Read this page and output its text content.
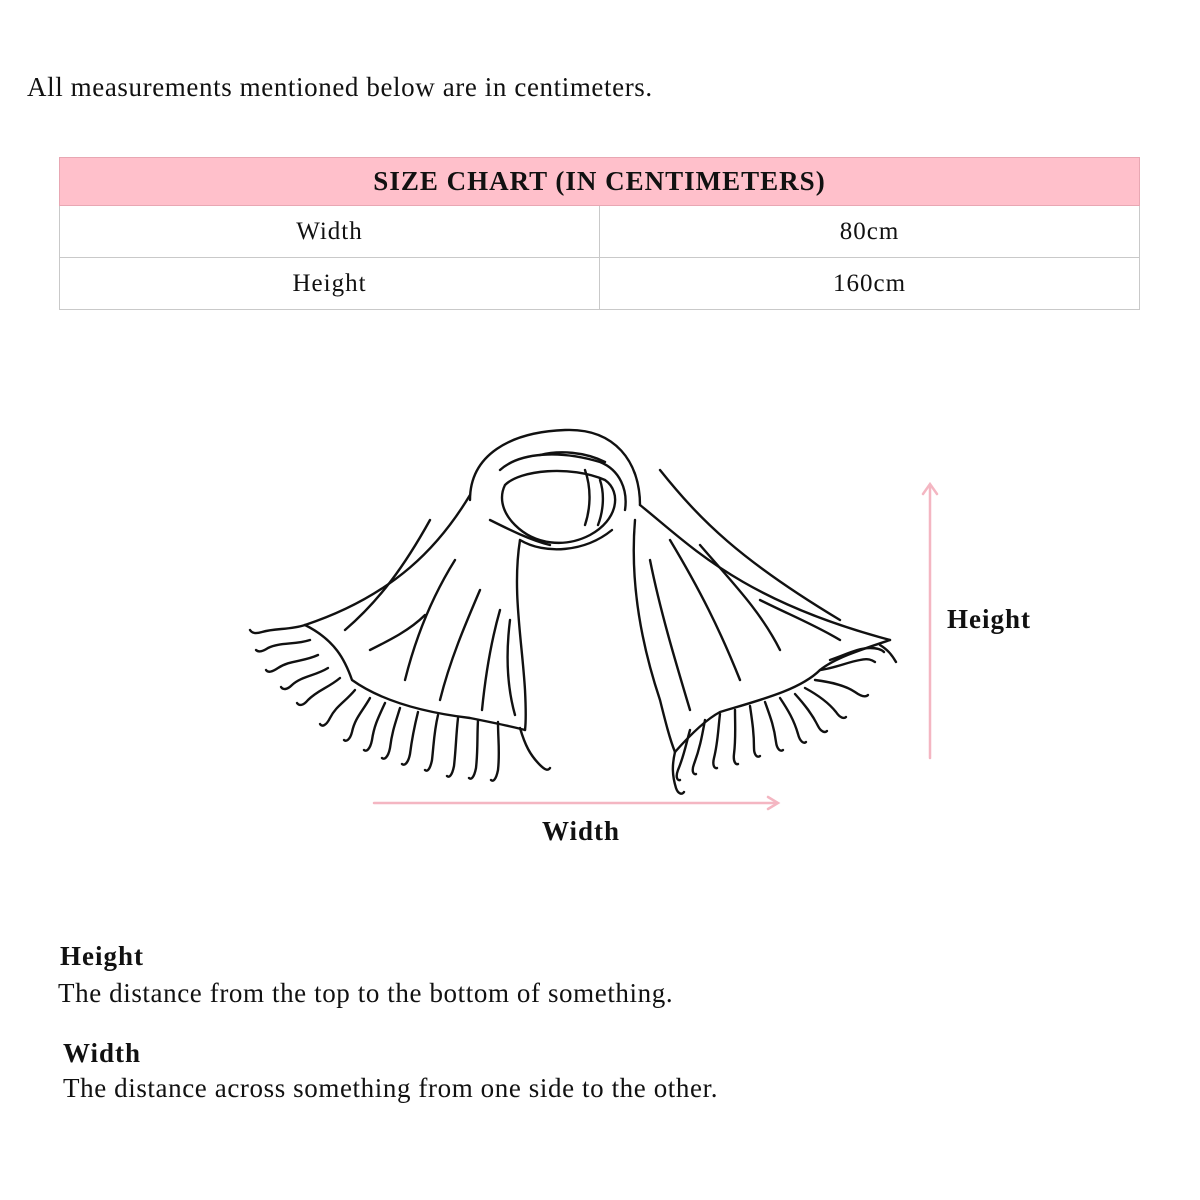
All measurements mentioned below are in centimeters.
SIZE CHART (IN CENTIMETERS)	
Width	80cm
Height	160cm
Height
Width
Height
The distance from the top to the bottom of something.
Width
The distance across something from one side to the other.
